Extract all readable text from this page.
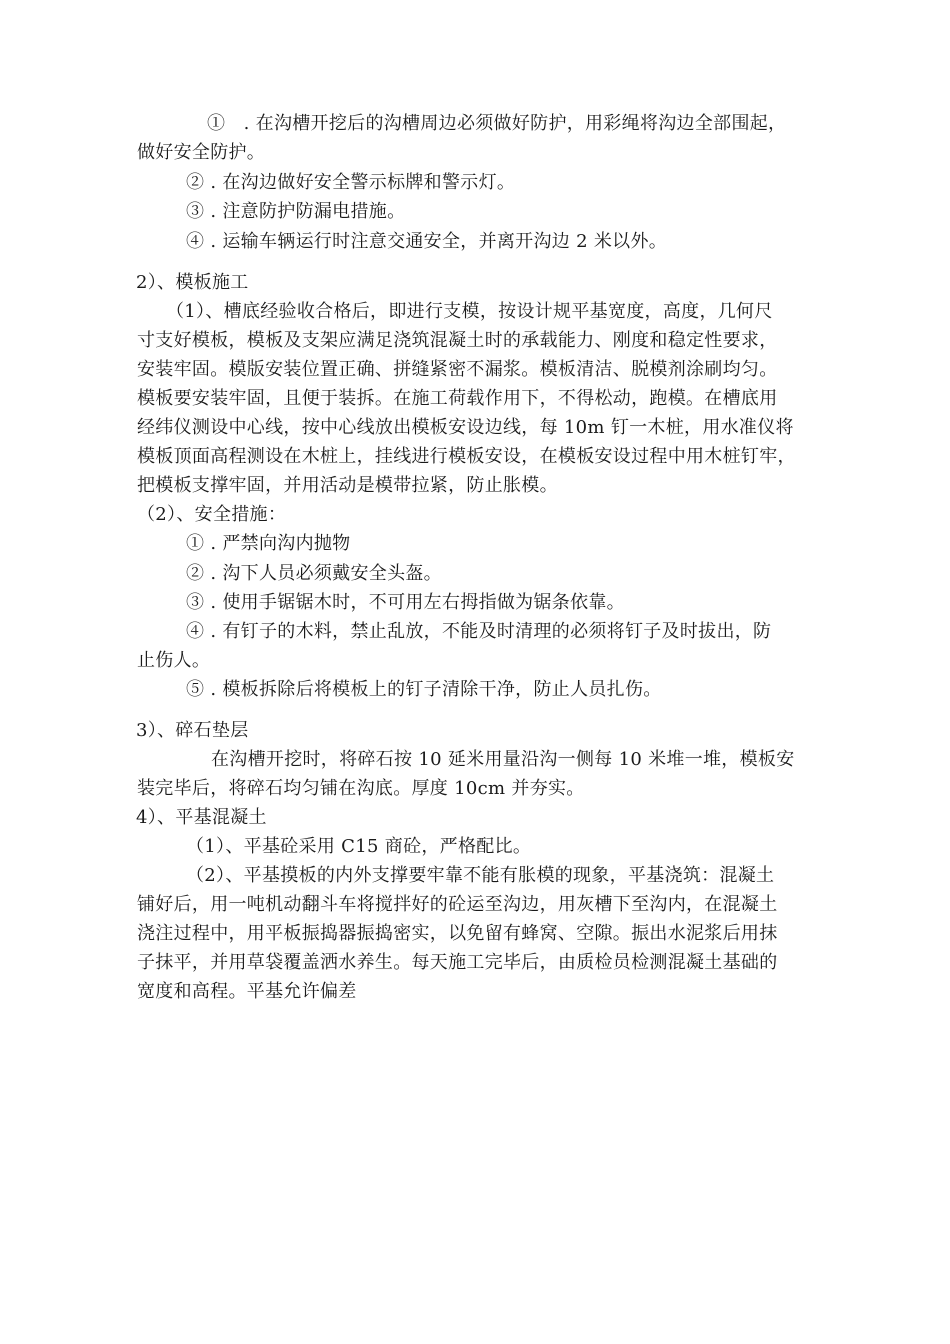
①　. 在沟槽开挖后的沟槽周边必须做好防护，用彩绳将沟边全部围起，
做好安全防护。
② . 在沟边做好安全警示标牌和警示灯。
③ . 注意防护防漏电措施。
④ . 运输车辆运行时注意交通安全，并离开沟边 2 米以外。
2）、模板施工
（1）、槽底经验收合格后，即进行支模，按设计规平基宽度，高度，几何尺
寸支好模板，模板及支架应满足浇筑混凝土时的承载能力、刚度和稳定性要求，
安装牢固。模版安装位置正确、拼缝紧密不漏浆。模板清洁、脱模剂涂刷均匀。
模板要安装牢固，且便于装拆。在施工荷载作用下，不得松动，跑模。在槽底用
经纬仪测设中心线，按中心线放出模板安设边线，每 10m 钉一木桩，用水准仪将
模板顶面高程测设在木桩上，挂线进行模板安设，在模板安设过程中用木桩钉牢，
把模板支撑牢固，并用活动是模带拉紧，防止胀模。
（2）、安全措施：
① . 严禁向沟内抛物
② . 沟下人员必须戴安全头盔。
③ . 使用手锯锯木时，不可用左右拇指做为锯条依靠。
④ . 有钉子的木料，禁止乱放，不能及时清理的必须将钉子及时拔出，防
止伤人。
⑤ . 模板拆除后将模板上的钉子清除干净，防止人员扎伤。
3）、碎石垫层
在沟槽开挖时，将碎石按 10 延米用量沿沟一侧每 10 米堆一堆，模板安
装完毕后，将碎石均匀铺在沟底。厚度 10cm 并夯实。
4）、平基混凝土
（1）、平基砼采用 C15 商砼，严格配比。
（2）、平基摸板的内外支撑要牢靠不能有胀模的现象，平基浇筑：混凝土
铺好后，用一吨机动翻斗车将搅拌好的砼运至沟边，用灰槽下至沟内，在混凝土
浇注过程中，用平板振捣器振捣密实，以免留有蜂窝、空隙。振出水泥浆后用抹
子抹平，并用草袋覆盖洒水养生。每天施工完毕后，由质检员检测混凝土基础的
宽度和高程。平基允许偏差
